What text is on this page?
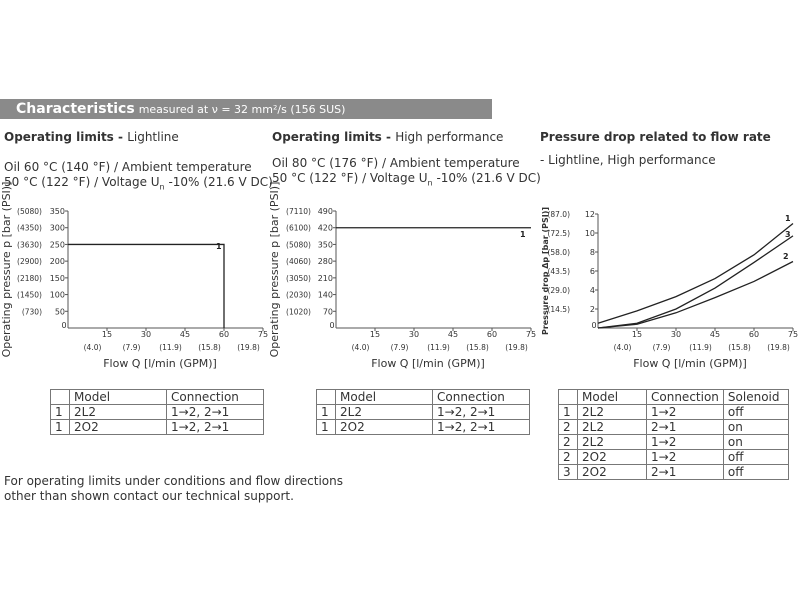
Characteristics measured at ν = 32 mm²/s (156 SUS)
Operating limits - Lightline	Operating limits - High performance	Pressure drop related to flow rate
Oil 60 °C (140 °F) / Ambient temperature
50 °C (122 °F) / Voltage $U_n$ -10% (21.6 V DC)
Oil 80 °C (176 °F) / Ambient temperature
50 °C (122 °F) / Voltage $U_n$ -10% (21.6 V DC)
- Lightline, High performance
50
(730)
100
(1450)
150
(2180)
200
(2900)
250
(3630)
300
(4350)
350
(5080)
0
15	30	45	60	75
(4.0)	(7.9)	(11.9) (15.8) (19.8)
Flow Q [l/min (GPM)]
Operating pressure p [bar (PSI)]	1
70
(1020)
140
(2030)
210
(3050)
280
(4060)
350
(5080)
420
(6100)
490
(7110)
0
15	30	45	60	75
(4.0)	(7.9)	(11.9) (15.8) (19.8)
Flow Q [l/min (GPM)]
Operating pressure p [bar (PSI)]	1
2
(14.5)
4
(29.0)
6
(43.5)
8
(58.0)
10
(72.5)
12
(87.0)
0
15	30	45	60	75
(4.0)	(7.9)	(11.9) (15.8) (19.8)
Flow Q [l/min (GPM)]
Pressure drop Δp [bar (PSI)]	1
3
2
	Model	Connection
1	2L2	1→2, 2→1
1	2O2	1→2, 2→1
	Model	Connection
1	2L2	1→2, 2→1
1	2O2	1→2, 2→1
	Model	Connection	Solenoid
1	2L2	1→2	off
2	2L2	2→1	on
2	2L2	1→2	on
2	2O2	1→2	off
3	2O2	2→1	off
For operating limits under conditions and flow directions
other than shown contact our technical support.
